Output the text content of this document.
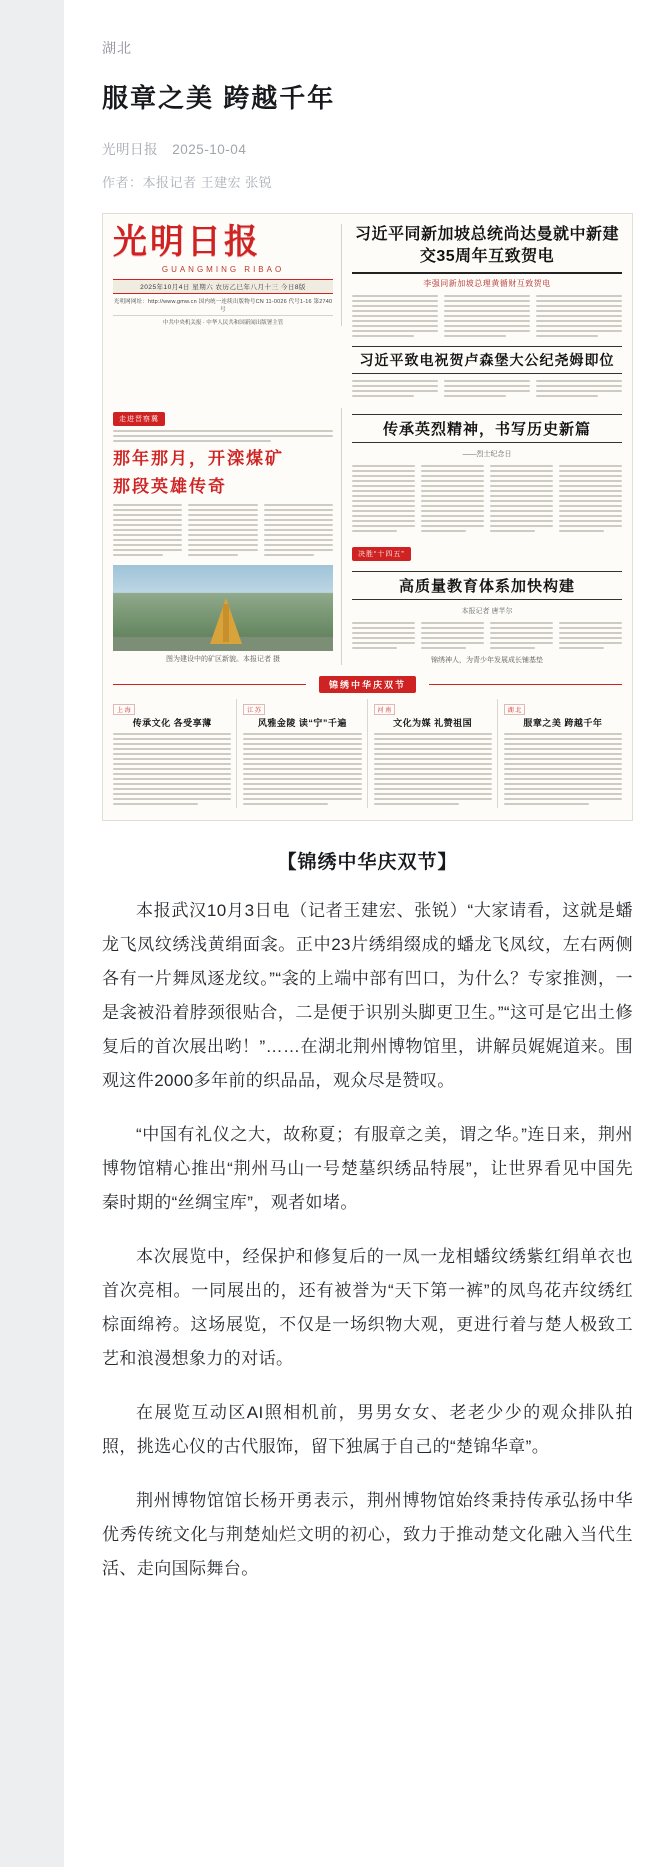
湖北
服章之美 跨越千年
光明日报 2025-10-04
作者：本报记者 王建宏 张锐
光明日报
GUANGMING RIBAO
2025年10月4日 星期六 农历乙巳年八月十三 今日8版
光明网网址：http://www.gmw.cn 国内统一连续出版物号CN 11-0026 代号1-16 第2740号
中共中央机关报 · 中华人民共和国新闻出版署主管
习近平同新加坡总统尚达曼就中新建交35周年互致贺电
李强同新加坡总理黄循财互致贺电
习近平致电祝贺卢森堡大公纪尧姆即位
走进晋察冀
那年那月，开滦煤矿
那段英雄传奇
图为建设中的矿区新貌。本报记者 摄
传承英烈精神，书写历史新篇
——烈士纪念日
决胜“十四五”
高质量教育体系加快构建
本报记者 唐芊尔
锦绣神人，为青少年发展成长铺基垫
锦绣中华庆双节
上 海
传承文化 各受享薄
江 苏
风雅金陵 读“宁”千遍
河 南
文化为媒 礼赞祖国
湖 北
服章之美 跨越千年
【锦绣中华庆双节】

本报武汉10月3日电（记者王建宏、张锐）“大家请看，这就是蟠龙飞凤纹绣浅黄绢面衾。正中23片绣绢缀成的蟠龙飞凤纹，左右两侧各有一片舞凤逐龙纹。”“衾的上端中部有凹口，为什么？专家推测，一是衾被沿着脖颈很贴合，二是便于识别头脚更卫生。”“这可是它出土修复后的首次展出哟！”……在湖北荆州博物馆里，讲解员娓娓道来。围观这件2000多年前的织品品，观众尽是赞叹。

“中国有礼仪之大，故称夏；有服章之美，谓之华。”连日来，荆州博物馆精心推出“荆州马山一号楚墓织绣品特展”，让世界看见中国先秦时期的“丝绸宝库”，观者如堵。

本次展览中，经保护和修复后的一凤一龙相蟠纹绣紫红绢单衣也首次亮相。一同展出的，还有被誉为“天下第一裤”的凤鸟花卉纹绣红棕面绵袴。这场展览，不仅是一场织物大观，更进行着与楚人极致工艺和浪漫想象力的对话。

在展览互动区AI照相机前，男男女女、老老少少的观众排队拍照，挑选心仪的古代服饰，留下独属于自己的“楚锦华章”。

荆州博物馆馆长杨开勇表示，荆州博物馆始终秉持传承弘扬中华优秀传统文化与荆楚灿烂文明的初心，致力于推动楚文化融入当代生活、走向国际舞台。
